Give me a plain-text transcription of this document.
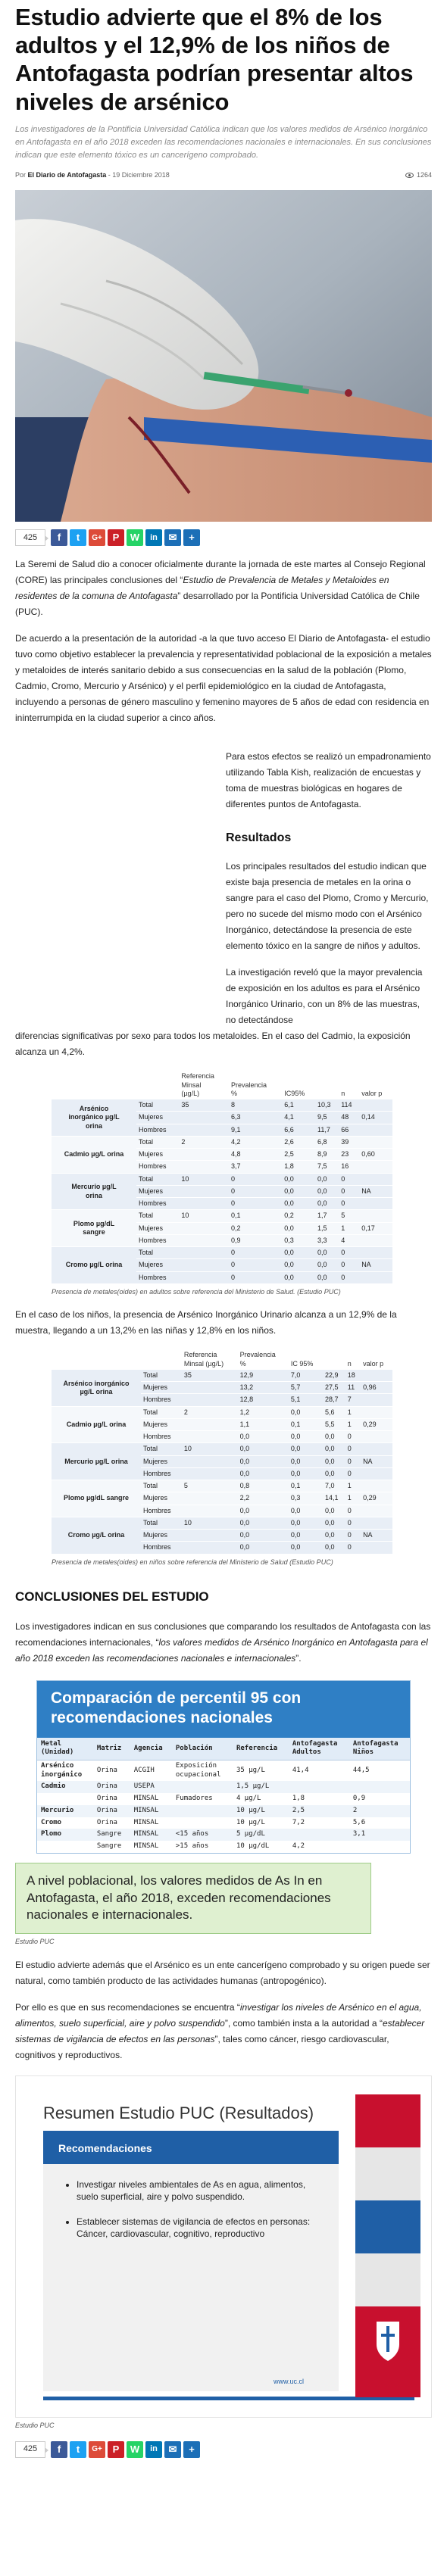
Estudio advierte que el 8% de los adultos y el 12,9% de los niños de Antofagasta podrían presentar altos niveles de arsénico

Los investigadores de la Pontificia Universidad Católica indican que los valores medidos de Arsénico inorgánico en Antofagasta en el año 2018 exceden las recomendaciones nacionales e internacionales. En sus conclusiones indican que este elemento tóxico es un cancerígeno comprobado.

Por El Diario de Antofagasta - 19 Diciembre 2018	1264
425	f t G+ P W in ✉ +

La Seremi de Salud dio a conocer oficialmente durante la jornada de este martes al Consejo Regional (CORE) las principales conclusiones del “Estudio de Prevalencia de Metales y Metaloides en residentes de la comuna de Antofagasta” desarrollado por la Pontificia Universidad Católica de Chile (PUC).

De acuerdo a la presentación de la autoridad -a la que tuvo acceso El Diario de Antofagasta- el estudio tuvo como objetivo establecer la prevalencia y representatividad poblacional de la exposición a metales y metaloides de interés sanitario debido a sus consecuencias en la salud de la población (Plomo, Cadmio, Cromo, Mercurio y Arsénico) y el perfil epidemiológico en la ciudad de Antofagasta, incluyendo a personas de género masculino y femenino mayores de 5 años de edad con residencia en ininterrumpida en la ciudad superior a cinco años.

Para estos efectos se realizó un empadronamiento utilizando Tabla Kish, realización de encuestas y toma de muestras biológicas en hogares de diferentes puntos de Antofagasta.

Resultados

Los principales resultados del estudio indican que existe baja presencia de metales en la orina o sangre para el caso del Plomo, Cromo y Mercurio, pero no sucede del mismo modo con el Arsénico Inorgánico, detectándose la presencia de este elemento tóxico en la sangre de niños y adultos.

La investigación reveló que la mayor prevalencia de exposición en los adultos es para el Arsénico Inorgánico Urinario, con un 8% de las muestras, no detectándose

diferencias significativas por sexo para todos los metaloides. En el caso del Cadmio, la exposición alcanza un 4,2%.

		Referencia
Minsal
(µg/L)	Prevalencia
%	IC95%		n	valor p
Arsénico
inorgánico µg/L
orina	Total	35	8	6,1	10,3	114	
	Mujeres		6,3	4,1	9,5	48	0,14
	Hombres		9,1	6,6	11,7	66	
Cadmio µg/L orina	Total	2	4,2	2,6	6,8	39	
	Mujeres		4,8	2,5	8,9	23	0,60
	Hombres		3,7	1,8	7,5	16	
Mercurio µg/L
orina	Total	10	0	0,0	0,0	0	
	Mujeres		0	0,0	0,0	0	NA
	Hombres		0	0,0	0,0	0	
Plomo µg/dL
sangre	Total	10	0,1	0,2	1,7	5	
	Mujeres		0,2	0,0	1,5	1	0,17
	Hombres		0,9	0,3	3,3	4	
Cromo µg/L orina	Total		0	0,0	0,0	0	
	Mujeres		0	0,0	0,0	0	NA
	Hombres		0	0,0	0,0	0	

Presencia de metales(oides) en adultos sobre referencia del Ministerio de Salud. (Estudio PUC)

En el caso de los niños, la presencia de Arsénico Inorgánico Urinario alcanza a un 12,9% de la muestra, llegando a un 13,2% en las niñas y 12,8% en los niños.

		Referencia
Minsal (µg/L)	Prevalencia
%	IC 95%		n	valor p
Arsénico inorgánico
µg/L orina	Total	35	12,9	7,0	22,9	18	
	Mujeres		13,2	5,7	27,5	11	0,96
	Hombres		12,8	5,1	28,7	7	
Cadmio µg/L orina	Total	2	1,2	0,0	5,6	1	
	Mujeres		1,1	0,1	5,5	1	0,29
	Hombres		0,0	0,0	0,0	0	
Mercurio µg/L orina	Total	10	0,0	0,0	0,0	0	
	Mujeres		0,0	0,0	0,0	0	NA
	Hombres		0,0	0,0	0,0	0	
Plomo µg/dL sangre	Total	5	0,8	0,1	7,0	1	
	Mujeres		2,2	0,3	14,1	1	0,29
	Hombres		0,0	0,0	0,0	0	
Cromo µg/L orina	Total	10	0,0	0,0	0,0	0	
	Mujeres		0,0	0,0	0,0	0	NA
	Hombres		0,0	0,0	0,0	0	

Presencia de metales(oides) en niños sobre referencia del Ministerio de Salud (Estudio PUC)

CONCLUSIONES DEL ESTUDIO

Los investigadores indican en sus conclusiones que comparando los resultados de Antofagasta con las recomendaciones internacionales, “los valores medidos de Arsénico Inorgánico en Antofagasta para el año 2018 exceden las recomendaciones nacionales e internacionales”.

Comparación de percentil 95 con recomendaciones nacionales
Metal
(Unidad)	Matriz	Agencia	Población	Referencia	Antofagasta
Adultos	Antofagasta
Niños
Arsénico
inorgánico	Orina	ACGIH	Exposición
ocupacional	35 µg/L	41,4	44,5
Cadmio	Orina	USEPA		1,5 µg/L		
	Orina	MINSAL	Fumadores	4 µg/L	1,8	0,9
Mercurio	Orina	MINSAL		10 µg/L	2,5	2
Cromo	Orina	MINSAL		10 µg/L	7,2	5,6
Plomo	Sangre	MINSAL	<15 años	5 µg/dL		3,1
	Sangre	MINSAL	>15 años	10 µg/dL	4,2	
A nivel poblacional, los valores medidos de As In en Antofagasta, el año 2018, exceden recomendaciones nacionales e internacionales.

Estudio PUC

El estudio advierte además que el Arsénico es un ente cancerígeno comprobado y su origen puede ser natural, como también producto de las actividades humanas (antropogénico).

Por ello es que en sus recomendaciones se encuentra “investigar los niveles de Arsénico en el agua, alimentos, suelo superficial, aire y polvo suspendido”, como también insta a la autoridad a “establecer sistemas de vigilancia de efectos en las personas”, tales como cáncer, riesgo cardiovascular, cognitivos y reproductivos.

Resumen Estudio PUC (Resultados)
Recomendaciones
• Investigar niveles ambientales de As en agua, alimentos, suelo superficial, aire y polvo suspendido.
• Establecer sistemas de vigilancia de efectos en personas: Cáncer, cardiovascular, cognitivo, reproductivo
www.uc.cl

Estudio PUC

425	f t G+ P W in ✉ +
